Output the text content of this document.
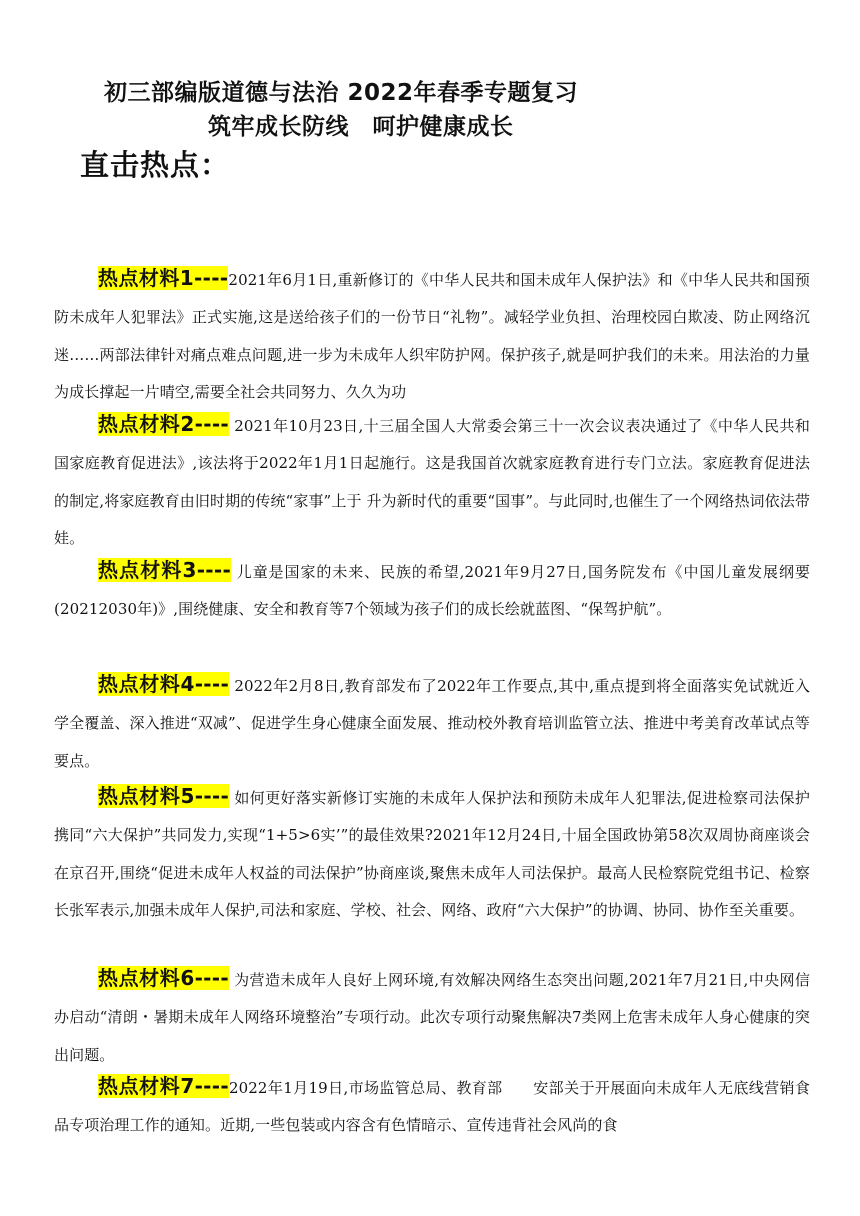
初三部编版道德与法治 2022年春季专题复习
筑牢成长防线　呵护健康成长
直击热点：
热点材料1----2021年6月1日,重新修订的《中华人民共和国未成年人保护法》和《中华人民共和国预防未成年人犯罪法》正式实施,这是送给孩子们的一份节日“礼物”。减轻学业负担、治理校园白欺凌、防止网络沉迷……两部法律针对痛点难点问题,进一步为未成年人织牢防护网。保护孩子,就是呵护我们的未来。用法治的力量为成长撑起一片晴空,需要全社会共同努力、久久为功
热点材料2---- 2021年10月23日,十三届全国人大常委会第三十一次会议表决通过了《中华人民共和国家庭教育促进法》,该法将于2022年1月1日起施行。这是我国首次就家庭教育进行专门立法。家庭教育促进法的制定,将家庭教育由旧时期的传统“家事”上于 升为新时代的重要“国事”。与此同时,也催生了一个网络热词依法带娃。
热点材料3---- 儿童是国家的未来、民族的希望,2021年9月27日,国务院发布《中国儿童发展纲要(20212030年)》,围绕健康、安全和教育等7个领域为孩子们的成长绘就蓝图、“保驾护航”。
热点材料4---- 2022年2月8日,教育部发布了2022年工作要点,其中,重点提到将全面落实免试就近入学全覆盖、深入推进“双减”、促进学生身心健康全面发展、推动校外教育培训监管立法、推进中考美育改革试点等要点。
热点材料5---- 如何更好落实新修订实施的未成年人保护法和预防未成年人犯罪法,促进检察司法保护携同“六大保护”共同发力,实现“1+5>6实’”的最佳效果?2021年12月24日,十届全国政协第58次双周协商座谈会在京召开,围绕“促进未成年人权益的司法保护”协商座谈,聚焦未成年人司法保护。最高人民检察院党组书记、检察长张军表示,加强未成年人保护,司法和家庭、学校、社会、网络、政府“六大保护”的协调、协同、协作至关重要。
热点材料6---- 为营造未成年人良好上网环境,有效解决网络生态突出问题,2021年7月21日,中央网信办启动“清朗・暑期未成年人网络环境整治”专项行动。此次专项行动聚焦解决7类网上危害未成年人身心健康的突出问题。
热点材料7----2022年1月19日,市场监管总局、教育部　　安部关于开展面向未成年人无底线营销食品专项治理工作的通知。近期,一些包装或内容含有色情暗示、宣传违背社会风尚的食
